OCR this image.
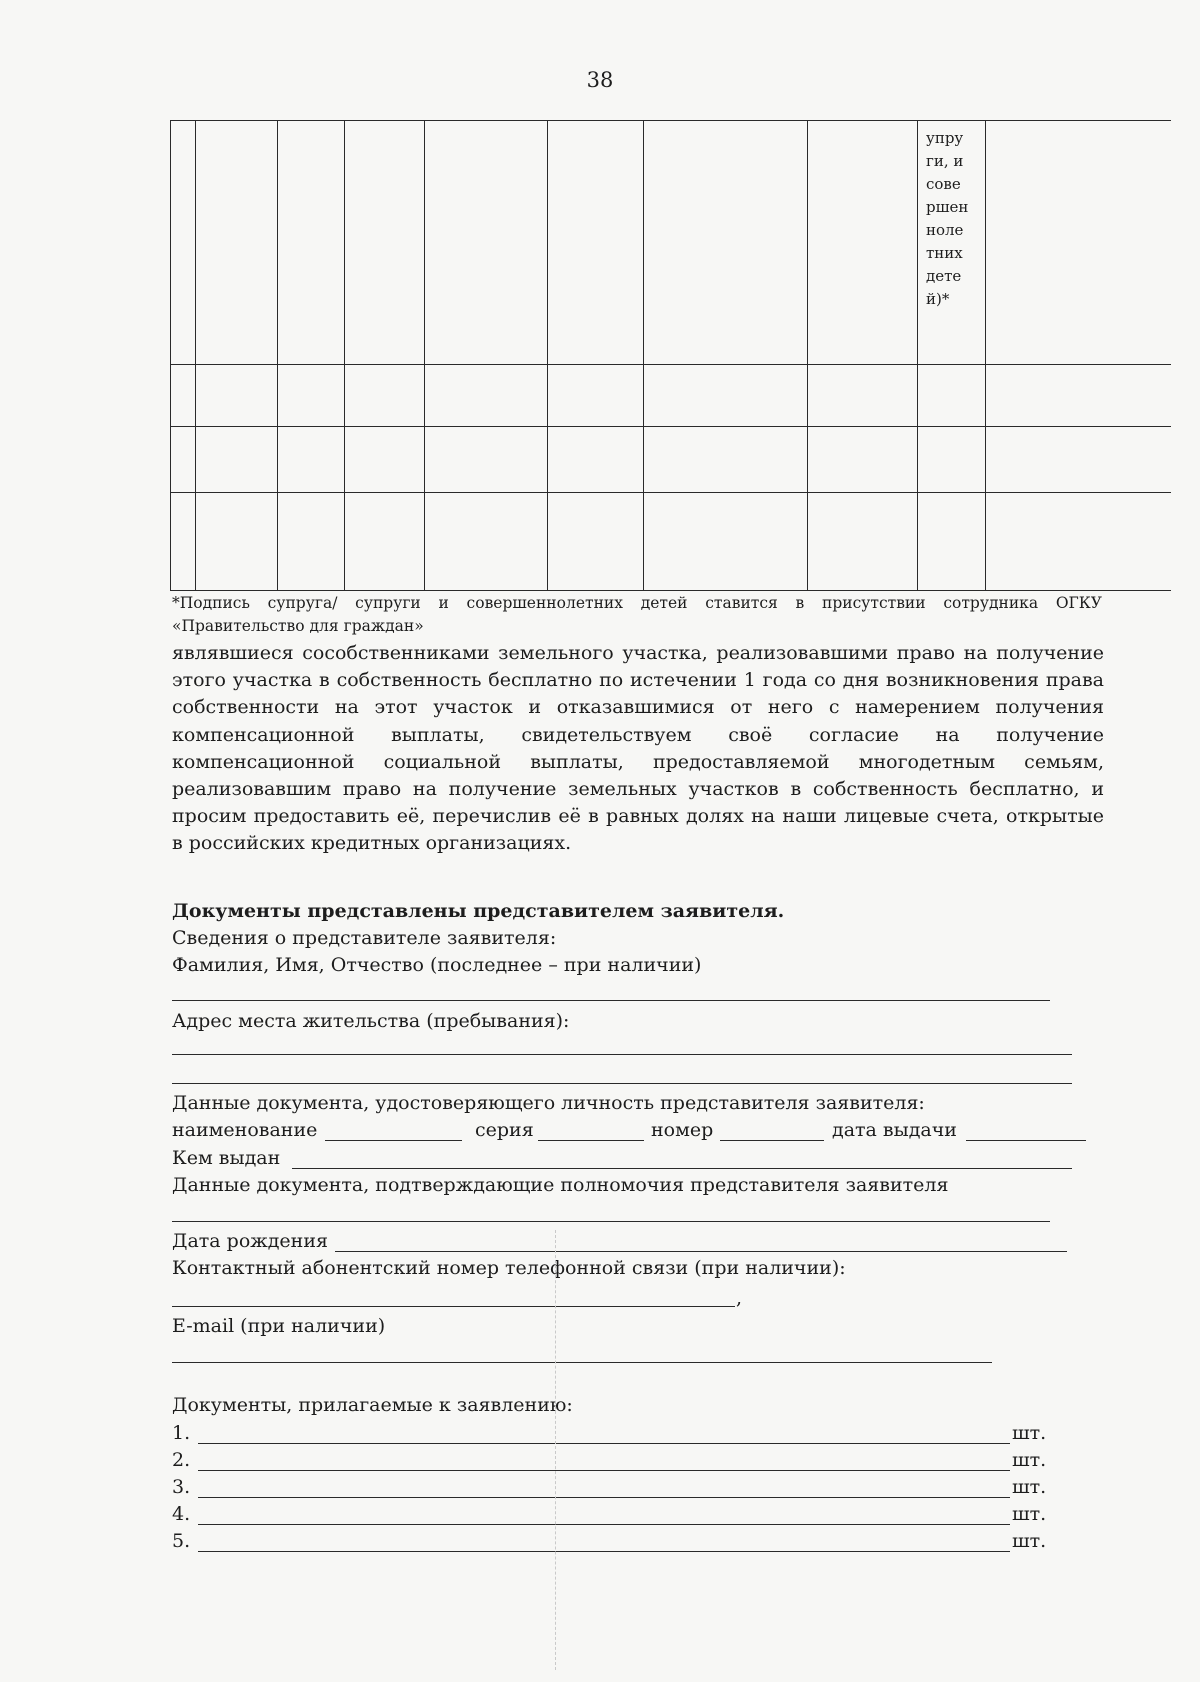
38

								упру ги, и сове ршен ноле тних дете й)*	

*Подпись супруга/ супруги и совершеннолетних детей ставится в присутствии сотрудника ОГКУ
«Правительство для граждан»
являвшиеся сособственниками земельного участка, реализовавшими право на получение этого участка в собственность бесплатно по истечении 1 года со дня возникновения права собственности на этот участок и отказавшимися от него с намерением получения компенсационной выплаты, свидетельствуем своё согласие на получение компенсационной социальной выплаты, предоставляемой многодетным семьям, реализовавшим право на получение земельных участков в собственность бесплатно, и просим предоставить её, перечислив её в равных долях на наши лицевые счета, открытые в российских кредитных организациях.
Документы представлены представителем заявителя.
Сведения о представителе заявителя:
Фамилия, Имя, Отчество (последнее – при наличии)
Адрес места жительства (пребывания):
Данные документа, удостоверяющего личность представителя заявителя:
наименование	серия	номер	дата выдачи
Кем выдан
Данные документа, подтверждающие полномочия представителя заявителя
Дата рождения
Контактный абонентский номер телефонной связи (при наличии):
,
E-mail (при наличии)
Документы, прилагаемые к заявлению:
1.	шт.
2.	шт.
3.	шт.
4.	шт.
5.	шт.
